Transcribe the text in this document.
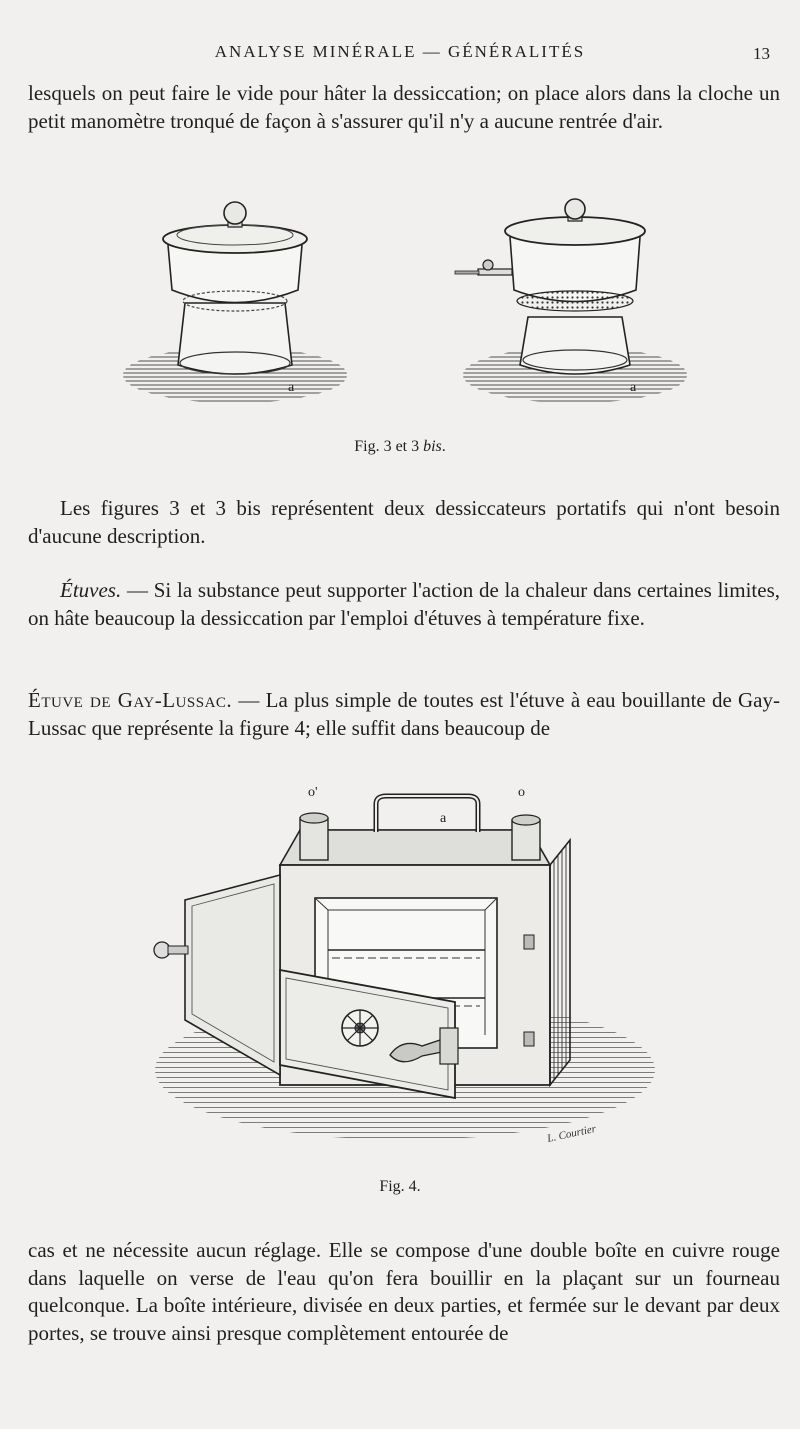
ANALYSE MINÉRALE — GÉNÉRALITÉS	13

lesquels on peut faire le vide pour hâter la dessiccation; on place alors dans la cloche un petit manomètre tronqué de façon à s'assurer qu'il n'y a aucune rentrée d'air.

a	a
Fig. 3 et 3 bis.

Les figures 3 et 3 bis représentent deux dessiccateurs portatifs qui n'ont besoin d'aucune description.

Étuves. — Si la substance peut supporter l'action de la chaleur dans certaines limites, on hâte beaucoup la dessiccation par l'emploi d'étuves à température fixe.

Étuve de Gay-Lussac. — La plus simple de toutes est l'étuve à eau bouillante de Gay-Lussac que représente la figure 4; elle suffit dans beaucoup de

o'	o
a
L. Courtier
Fig. 4.

cas et ne nécessite aucun réglage. Elle se compose d'une double boîte en cuivre rouge dans laquelle on verse de l'eau qu'on fera bouillir en la plaçant sur un fourneau quelconque. La boîte intérieure, divisée en deux parties, et fermée sur le devant par deux portes, se trouve ainsi presque complètement entourée de
